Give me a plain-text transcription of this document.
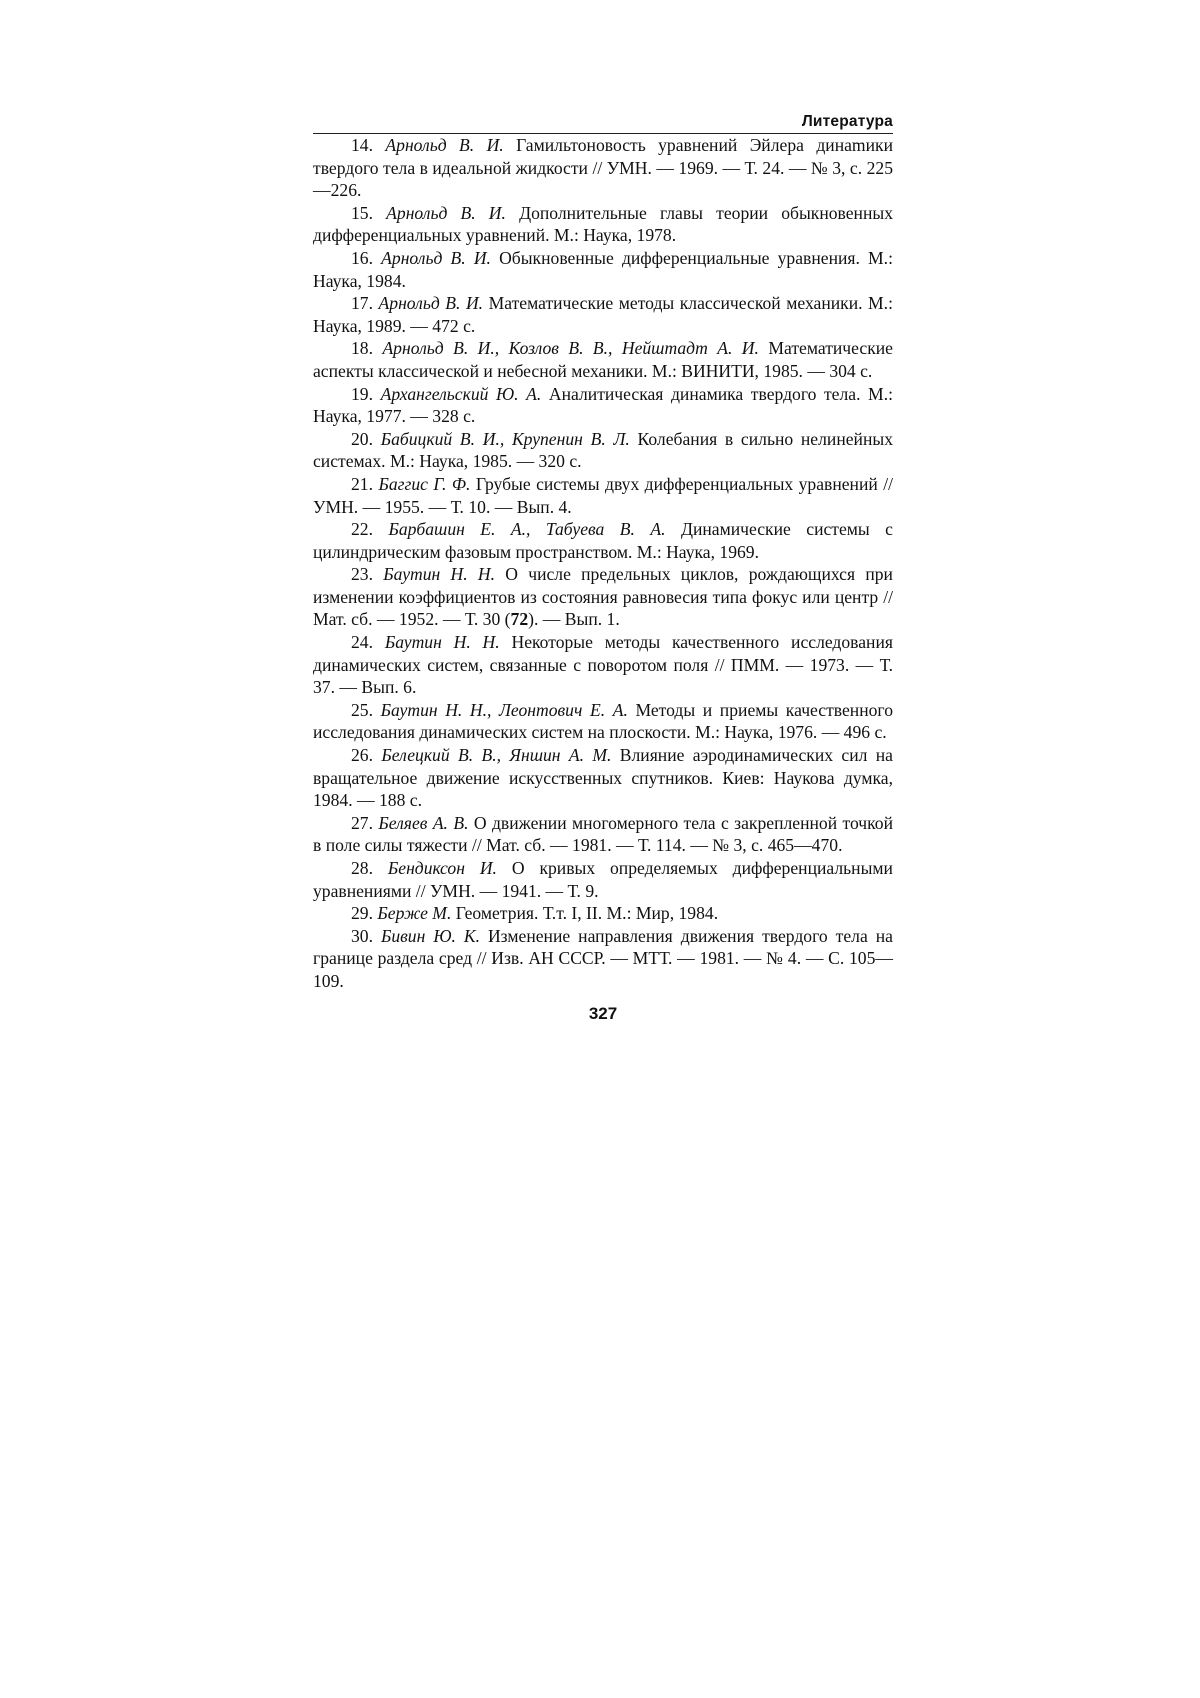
Литература
14. Арнольд В. И. Гамильтоновость уравнений Эйлера динаmики твердого тела в идеальной жидкости // УМН. — 1969. — Т. 24. — № 3, с. 225—226.
15. Арнольд В. И. Дополнительные главы теории обыкновенных дифференциальных уравнений. М.: Наука, 1978.
16. Арнольд В. И. Обыкновенные дифференциальные уравнения. М.: Наука, 1984.
17. Арнольд В. И. Математические методы классической механики. М.: Наука, 1989. — 472 с.
18. Арнольд В. И., Козлов В. В., Нейштадт А. И. Математические аспекты классической и небесной механики. М.: ВИНИТИ, 1985. — 304 с.
19. Архангельский Ю. А. Аналитическая динамика твердого тела. М.: Наука, 1977. — 328 с.
20. Бабицкий В. И., Крупенин В. Л. Колебания в сильно нелинейных системах. М.: Наука, 1985. — 320 с.
21. Баггис Г. Ф. Грубые системы двух дифференциальных уравнений // УМН. — 1955. — Т. 10. — Вып. 4.
22. Барбашин Е. А., Табуева В. А. Динамические системы с цилиндрическим фазовым пространством. М.: Наука, 1969.
23. Баутин Н. Н. О числе предельных циклов, рождающихся при изменении коэффициентов из состояния равновесия типа фокус или центр // Мат. сб. — 1952. — Т. 30 (72). — Вып. 1.
24. Баутин Н. Н. Некоторые методы качественного исследования динамических систем, связанные с поворотом поля // ПММ. — 1973. — Т. 37. — Вып. 6.
25. Баутин Н. Н., Леонтович Е. А. Методы и приемы качественного исследования динамических систем на плоскости. М.: Наука, 1976. — 496 с.
26. Белецкий В. В., Яншин А. М. Влияние аэродинамических сил на вращательное движение искусственных спутников. Киев: Наукова думка, 1984. — 188 с.
27. Беляев А. В. О движении многомерного тела с закрепленной точкой в поле силы тяжести // Мат. сб. — 1981. — Т. 114. — № 3, с. 465—470.
28. Бендиксон И. О кривых определяемых дифференциальными уравнениями // УМН. — 1941. — Т. 9.
29. Берже М. Геометрия. Т.т. I, II. М.: Мир, 1984.
30. Бивин Ю. К. Изменение направления движения твердого тела на границе раздела сред // Изв. АН СССР. — МТТ. — 1981. — № 4. — С. 105—109.
327
